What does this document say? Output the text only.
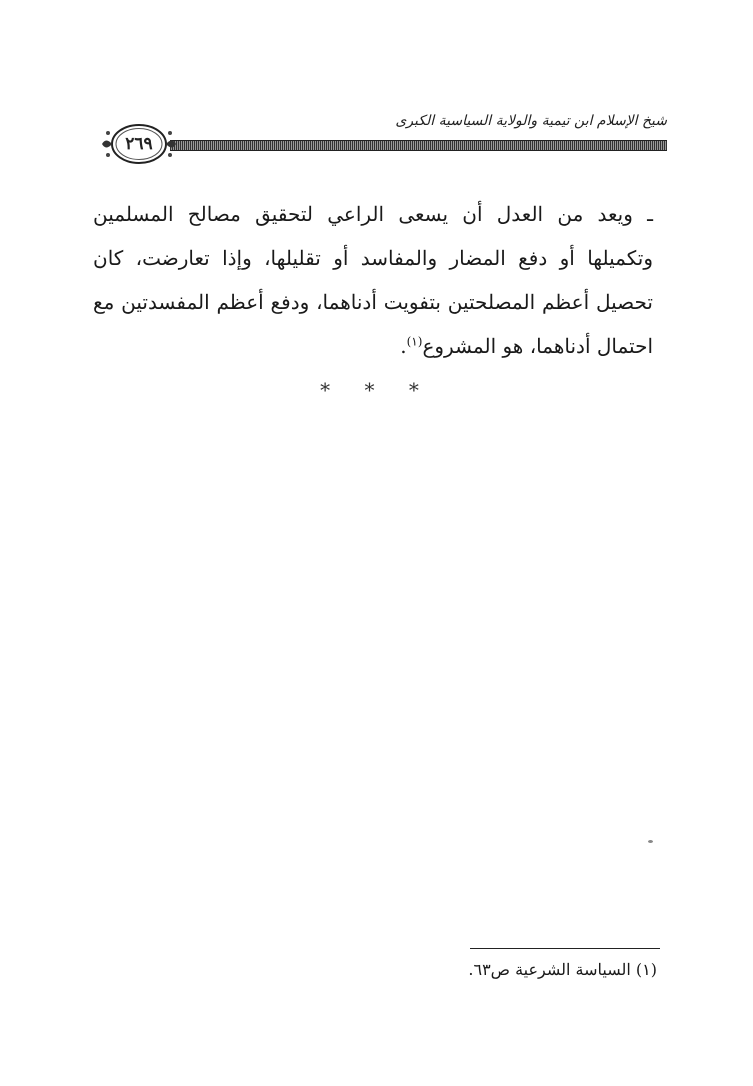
شيخ الإسلام ابن تيمية والولاية السياسية الكبرى
٢٦٩

ـ ويعد من العدل أن يسعى الراعي لتحقيق مصالح المسلمين وتكميلها أو دفع المضار والمفاسد أو تقليلها، وإذا تعارضت، كان تحصيل أعظم المصلحتين بتفويت أدناهما، ودفع أعظم المفسدتين مع احتمال أدناهما، هو المشروع$^{(١)}$.

* * *
(١) السياسة الشرعية ص٦٣.
